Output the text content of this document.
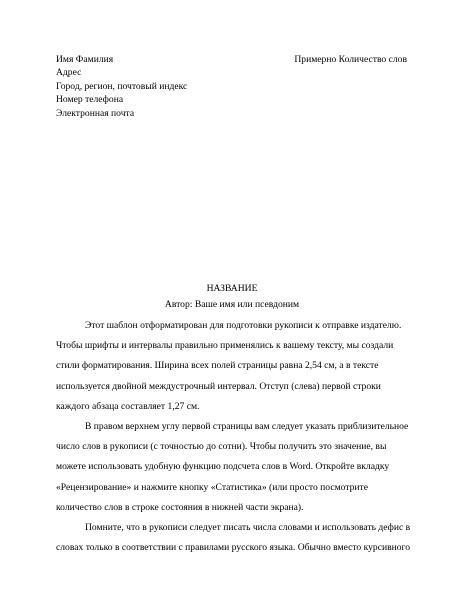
Имя Фамилия
Адрес
Город, регион, почтовый индекс
Номер телефона
Электронная почта
Примерно Количество слов
НАЗВАНИЕ
Автор: Ваше имя или псевдоним
Этот шаблон отформатирован для подготовки рукописи к отправке издателю.
Чтобы шрифты и интервалы правильно применялись к вашему тексту, мы создали
стили форматирования. Ширина всех полей страницы равна 2,54 см, а в тексте
используется двойной междустрочный интервал. Отступ (слева) первой строки
каждого абзаца составляет 1,27 см.
В правом верхнем углу первой страницы вам следует указать приблизительное
число слов в рукописи (с точностью до сотни). Чтобы получить это значение, вы
можете использовать удобную функцию подсчета слов в Word. Откройте вкладку
«Рецензирование» и нажмите кнопку «Статистика» (или просто посмотрите
количество слов в строке состояния в нижней части экрана).
Помните, что в рукописи следует писать числа словами и использовать дефис в
словах только в соответствии с правилами русского языка. Обычно вместо курсивного
